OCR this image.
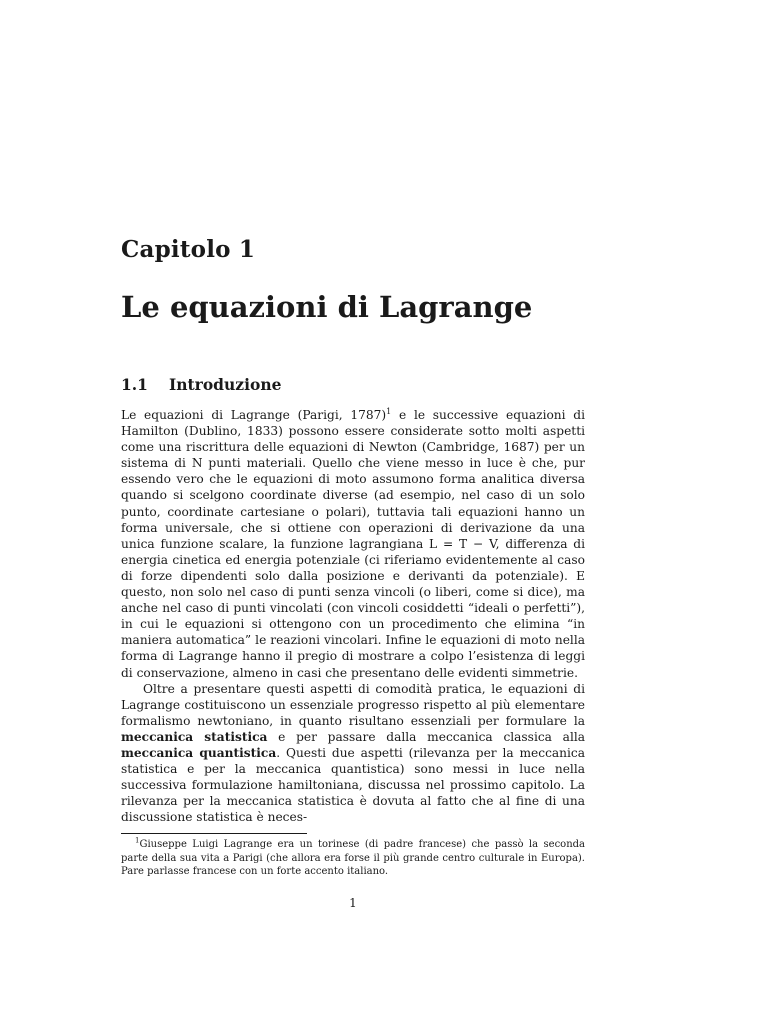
Capitolo 1
Le equazioni di Lagrange
1.1 Introduzione

Le equazioni di Lagrange (Parigi, 1787)$^1$ e le successive equazioni di Hamilton (Dublino, 1833) possono essere considerate sotto molti aspetti come una riscrittura delle equazioni di Newton (Cambridge, 1687) per un sistema di N punti materiali. Quello che viene messo in luce è che, pur essendo vero che le equazioni di moto assumono forma analitica diversa quando si scelgono coordinate diverse (ad esempio, nel caso di un solo punto, coordinate cartesiane o polari), tuttavia tali equazioni hanno un forma universale, che si ottiene con operazioni di derivazione da una unica funzione scalare, la funzione lagrangiana L = T − V, differenza di energia cinetica ed energia potenziale (ci riferiamo evidentemente al caso di forze dipendenti solo dalla posizione e derivanti da potenziale). E questo, non solo nel caso di punti senza vincoli (o liberi, come si dice), ma anche nel caso di punti vincolati (con vincoli cosiddetti “ideali o perfetti”), in cui le equazioni si ottengono con un procedimento che elimina “in maniera automatica” le reazioni vincolari. Infine le equazioni di moto nella forma di Lagrange hanno il pregio di mostrare a colpo l’esistenza di leggi di conservazione, almeno in casi che presentano delle evidenti simmetrie.

Oltre a presentare questi aspetti di comodità pratica, le equazioni di Lagrange costituiscono un essenziale progresso rispetto al più elementare formalismo newtoniano, in quanto risultano essenziali per formulare la meccanica statistica e per passare dalla meccanica classica alla meccanica quantistica. Questi due aspetti (rilevanza per la meccanica statistica e per la meccanica quantistica) sono messi in luce nella successiva formulazione hamiltoniana, discussa nel prossimo capitolo. La rilevanza per la meccanica statistica è dovuta al fatto che al fine di una discussione statistica è neces-

$^1$Giuseppe Luigi Lagrange era un torinese (di padre francese) che passò la seconda parte della sua vita a Parigi (che allora era forse il più grande centro culturale in Europa). Pare parlasse francese con un forte accento italiano.
1
